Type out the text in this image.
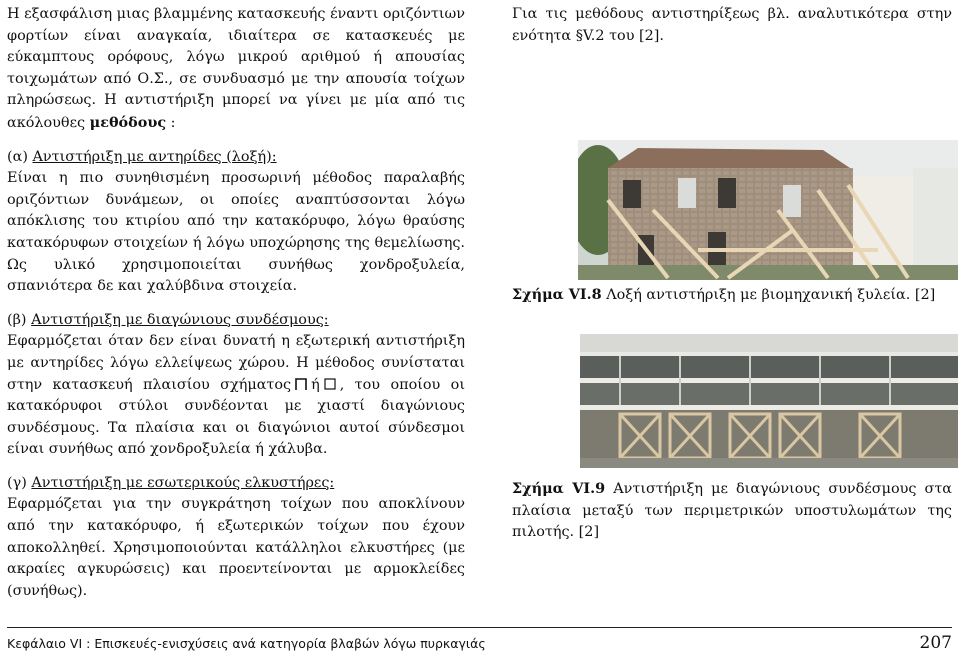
Η εξασφάλιση μιας βλαμμένης κατασκευής έναντι οριζόντιων φορτίων είναι αναγκαία, ιδιαίτερα σε κατασκευές με εύκαμπτους ορόφους, λόγω μικρού αριθμού ή απουσίας τοιχωμάτων από Ο.Σ., σε συνδυασμό με την απουσία τοίχων πληρώσεως. Η αντιστήριξη μπορεί να γίνει με μία από τις ακόλουθες μεθόδους :

(α) Αντιστήριξη με αντηρίδες (λοξή):

Είναι η πιο συνηθισμένη προσωρινή μέθοδος παραλαβής οριζόντιων δυνάμεων, οι οποίες αναπτύσσονται λόγω απόκλισης του κτιρίου από την κατακόρυφο, λόγω θραύσης κατακόρυφων στοιχείων ή λόγω υποχώρησης της θεμελίωσης. Ως υλικό χρησιμοποιείται συνήθως χονδροξυλεία, σπανιότερα δε και χαλύβδινα στοιχεία.

(β) Αντιστήριξη με διαγώνιους συνδέσμους:

Εφαρμόζεται όταν δεν είναι δυνατή η εξωτερική αντιστήριξη με αντηρίδες λόγω ελλείψεως χώρου. Η μέθοδος συνίσταται στην κατασκευή πλαισίου σχήματος ή , του οποίου οι κατακόρυφοι στύλοι συνδέονται με χιαστί διαγώνιους συνδέσμους. Τα πλαίσια και οι διαγώνιοι αυτοί σύνδεσμοι είναι συνήθως από χονδροξυλεία ή χάλυβα.

(γ) Αντιστήριξη με εσωτερικούς ελκυστήρες:

Εφαρμόζεται για την συγκράτηση τοίχων που αποκλίνουν από την κατακόρυφο, ή εξωτερικών τοίχων που έχουν αποκολληθεί. Χρησιμοποιούνται κατάλληλοι ελκυστήρες (με ακραίες αγκυρώσεις) και προεντείνονται με αρμοκλείδες (συνήθως).

Για τις μεθόδους αντιστηρίξεως βλ. αναλυτικότερα στην ενότητα §V.2 του [2].

Σχήμα VI.8 Λοξή αντιστήριξη με βιομηχανική ξυλεία. [2]

Σχήμα VI.9 Αντιστήριξη με διαγώνιους συνδέσμους στα πλαίσια μεταξύ των περιμετρικών υποστυλωμάτων της πιλοτής. [2]

Κεφάλαιο VI : Επισκευές-ενισχύσεις ανά κατηγορία βλαβών λόγω πυρκαγιάς	207
